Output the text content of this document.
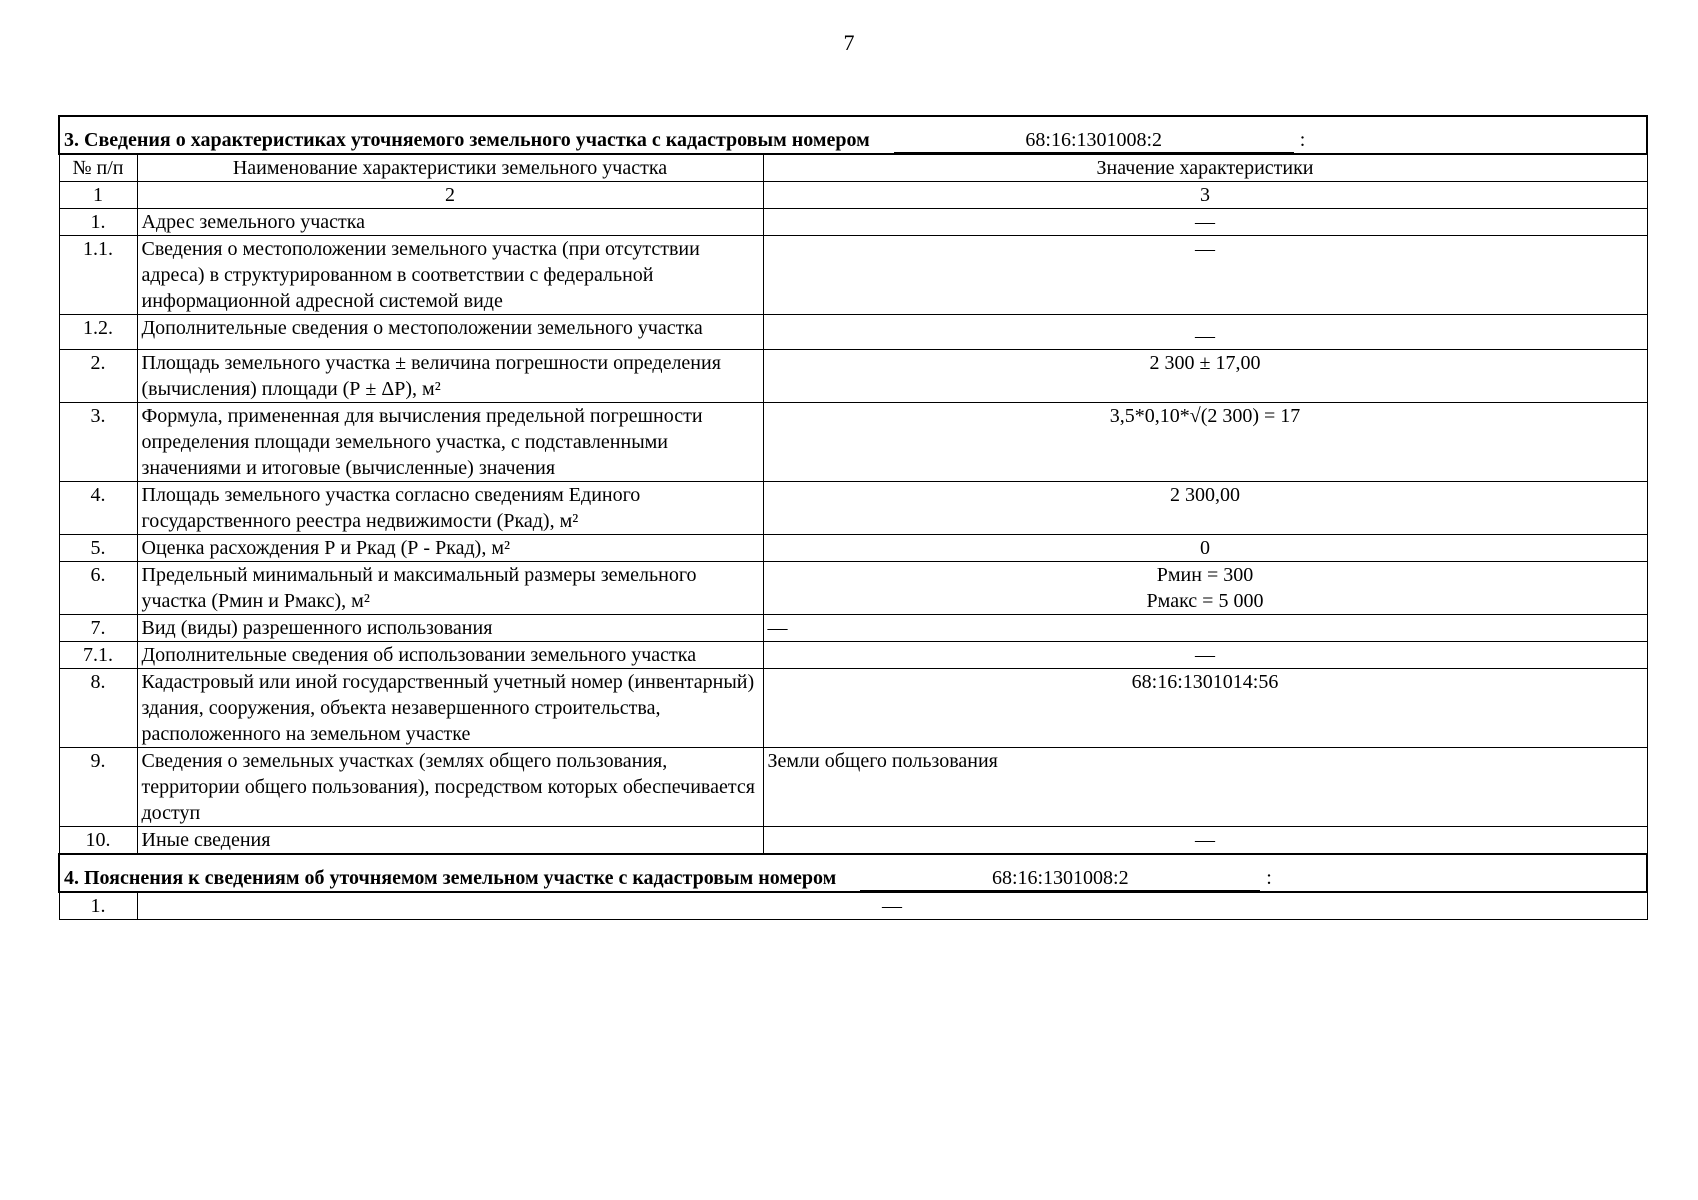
7
3. Сведения о характеристиках уточняемого земельного участка с кадастровым номером 68:16:1301008:2 :		

№ п/п	Наименование характеристики земельного участка	Значение характеристики
1	2	3
1.	Адрес земельного участка	—
1.1.	Сведения о местоположении земельного участка (при отсутствии адреса) в структурированном в соответствии с федеральной информационной адресной системой виде	—
1.2.	Дополнительные сведения о местоположении земельного участка	—
2.	Площадь земельного участка ± величина погрешности определения (вычисления) площади (Р ± ΔР), м²	2 300 ± 17,00
3.	Формула, примененная для вычисления предельной погрешности определения площади земельного участка, с подставленными значениями и итоговые (вычисленные) значения	3,5*0,10*√(2 300) = 17
4.	Площадь земельного участка согласно сведениям Единого государственного реестра недвижимости (Ркад), м²	2 300,00
5.	Оценка расхождения Р и Ркад (Р - Ркад), м²	0
6.	Предельный минимальный и максимальный размеры земельного участка (Рмин и Рмакс), м²	Рмин = 300
Рмакс = 5 000

7.	Вид (виды) разрешенного использования	—
7.1.	Дополнительные сведения об использовании земельного участка	—
8.	Кадастровый или иной государственный учетный номер (инвентарный) здания, сооружения, объекта незавершенного строительства, расположенного на земельном участке	68:16:1301014:56
9.	Сведения о земельных участках (землях общего пользования, территории общего пользования), посредством которых обеспечивается доступ	Земли общего пользования
10.	Иные сведения	—

4. Пояснения к сведениям об уточняемом земельном участке с кадастровым номером 68:16:1301008:2 :		

1.	—	
